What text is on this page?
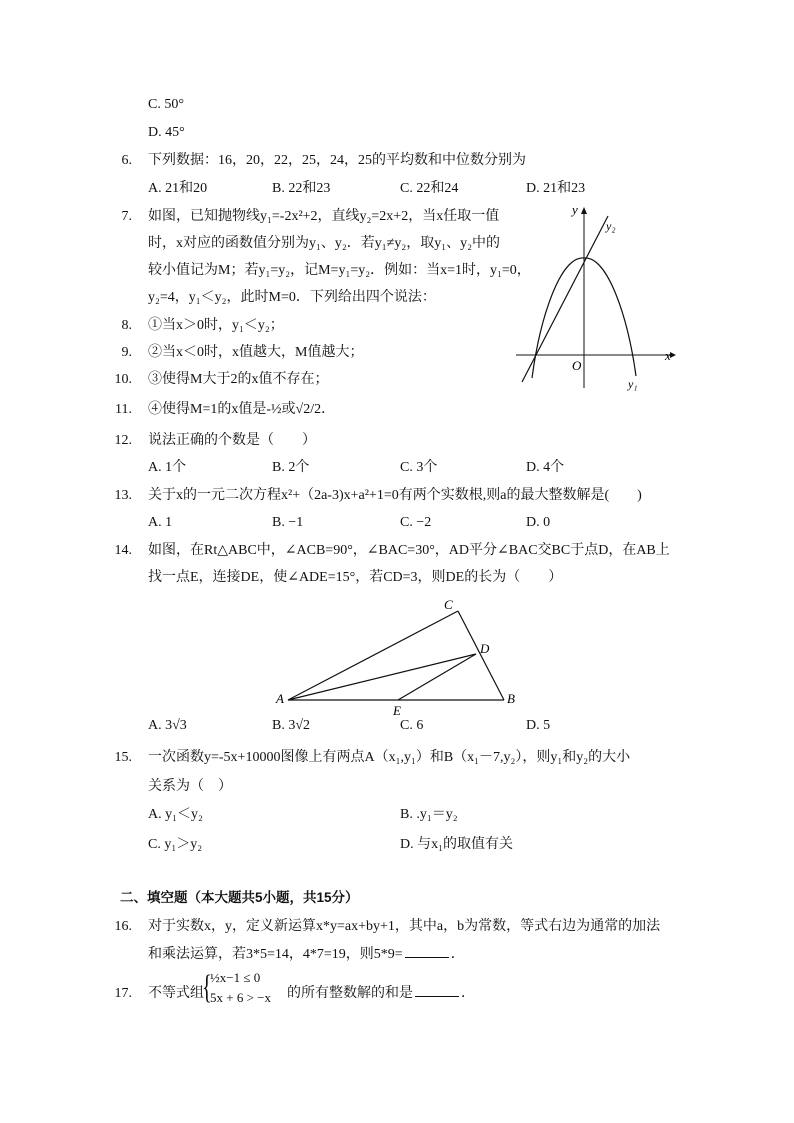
C. 50°
D. 45°
6. 下列数据：16，20，22，25，24，25的平均数和中位数分别为
A. 21和20	B. 22和23	C. 22和24	D. 21和23
7. 如图，已知抛物线y₁=-2x²+2，直线y₂=2x+2，当x任取一值
时，x对应的函数值分别为y₁、y₂．若y₁≠y₂，取y₁、y₂中的
较小值记为M；若y₁=y₂，记M=y₁=y₂．例如：当x=1时，y₁=0，
y₂=4，y₁＜y₂，此时M=0．下列给出四个说法：
y
x
O
y₁
y₂
8. ①当x＞0时，y₁＜y₂；
9. ②当x＜0时，x值越大，M值越大；
10. ③使得M大于2的x值不存在；
11. ④使得M=1的x值是-½或√2/2．
12. 说法正确的个数是（　　）
A. 1个	B. 2个	C. 3个	D. 4个
13. 关于x的一元二次方程x²+（2a-3)x+a²+1=0有两个实数根,则a的最大整数解是(　　)
A. 1	B. −1	C. −2	D. 0
14. 如图，在Rt△ABC中，∠ACB=90°，∠BAC=30°，AD平分∠BAC交BC于点D，在AB上
找一点E，连接DE，使∠ADE=15°，若CD=3，则DE的长为（　　）
A	B
C
D
E
A. 3√3	B. 3√2	C. 6	D. 5
15. 一次函数y=-5x+10000图像上有两点A（x₁,y₁）和B（x₁－7,y₂），则y₁和y₂的大小
关系为（　）
A. y₁＜y₂	B. .y₁＝y₂
C. y₁＞y₂	D. 与x₁的取值有关
二、填空题（本大题共5小题，共15分）
16. 对于实数x，y，定义新运算x*y=ax+by+1，其中a，b为常数，等式右边为通常的加法
和乘法运算，若3*5=14，4*7=19，则5*9=	．
17. 不等式组
{
½x−1 ≤ 0
5x + 6 > −x 的所有整数解的和是	．
